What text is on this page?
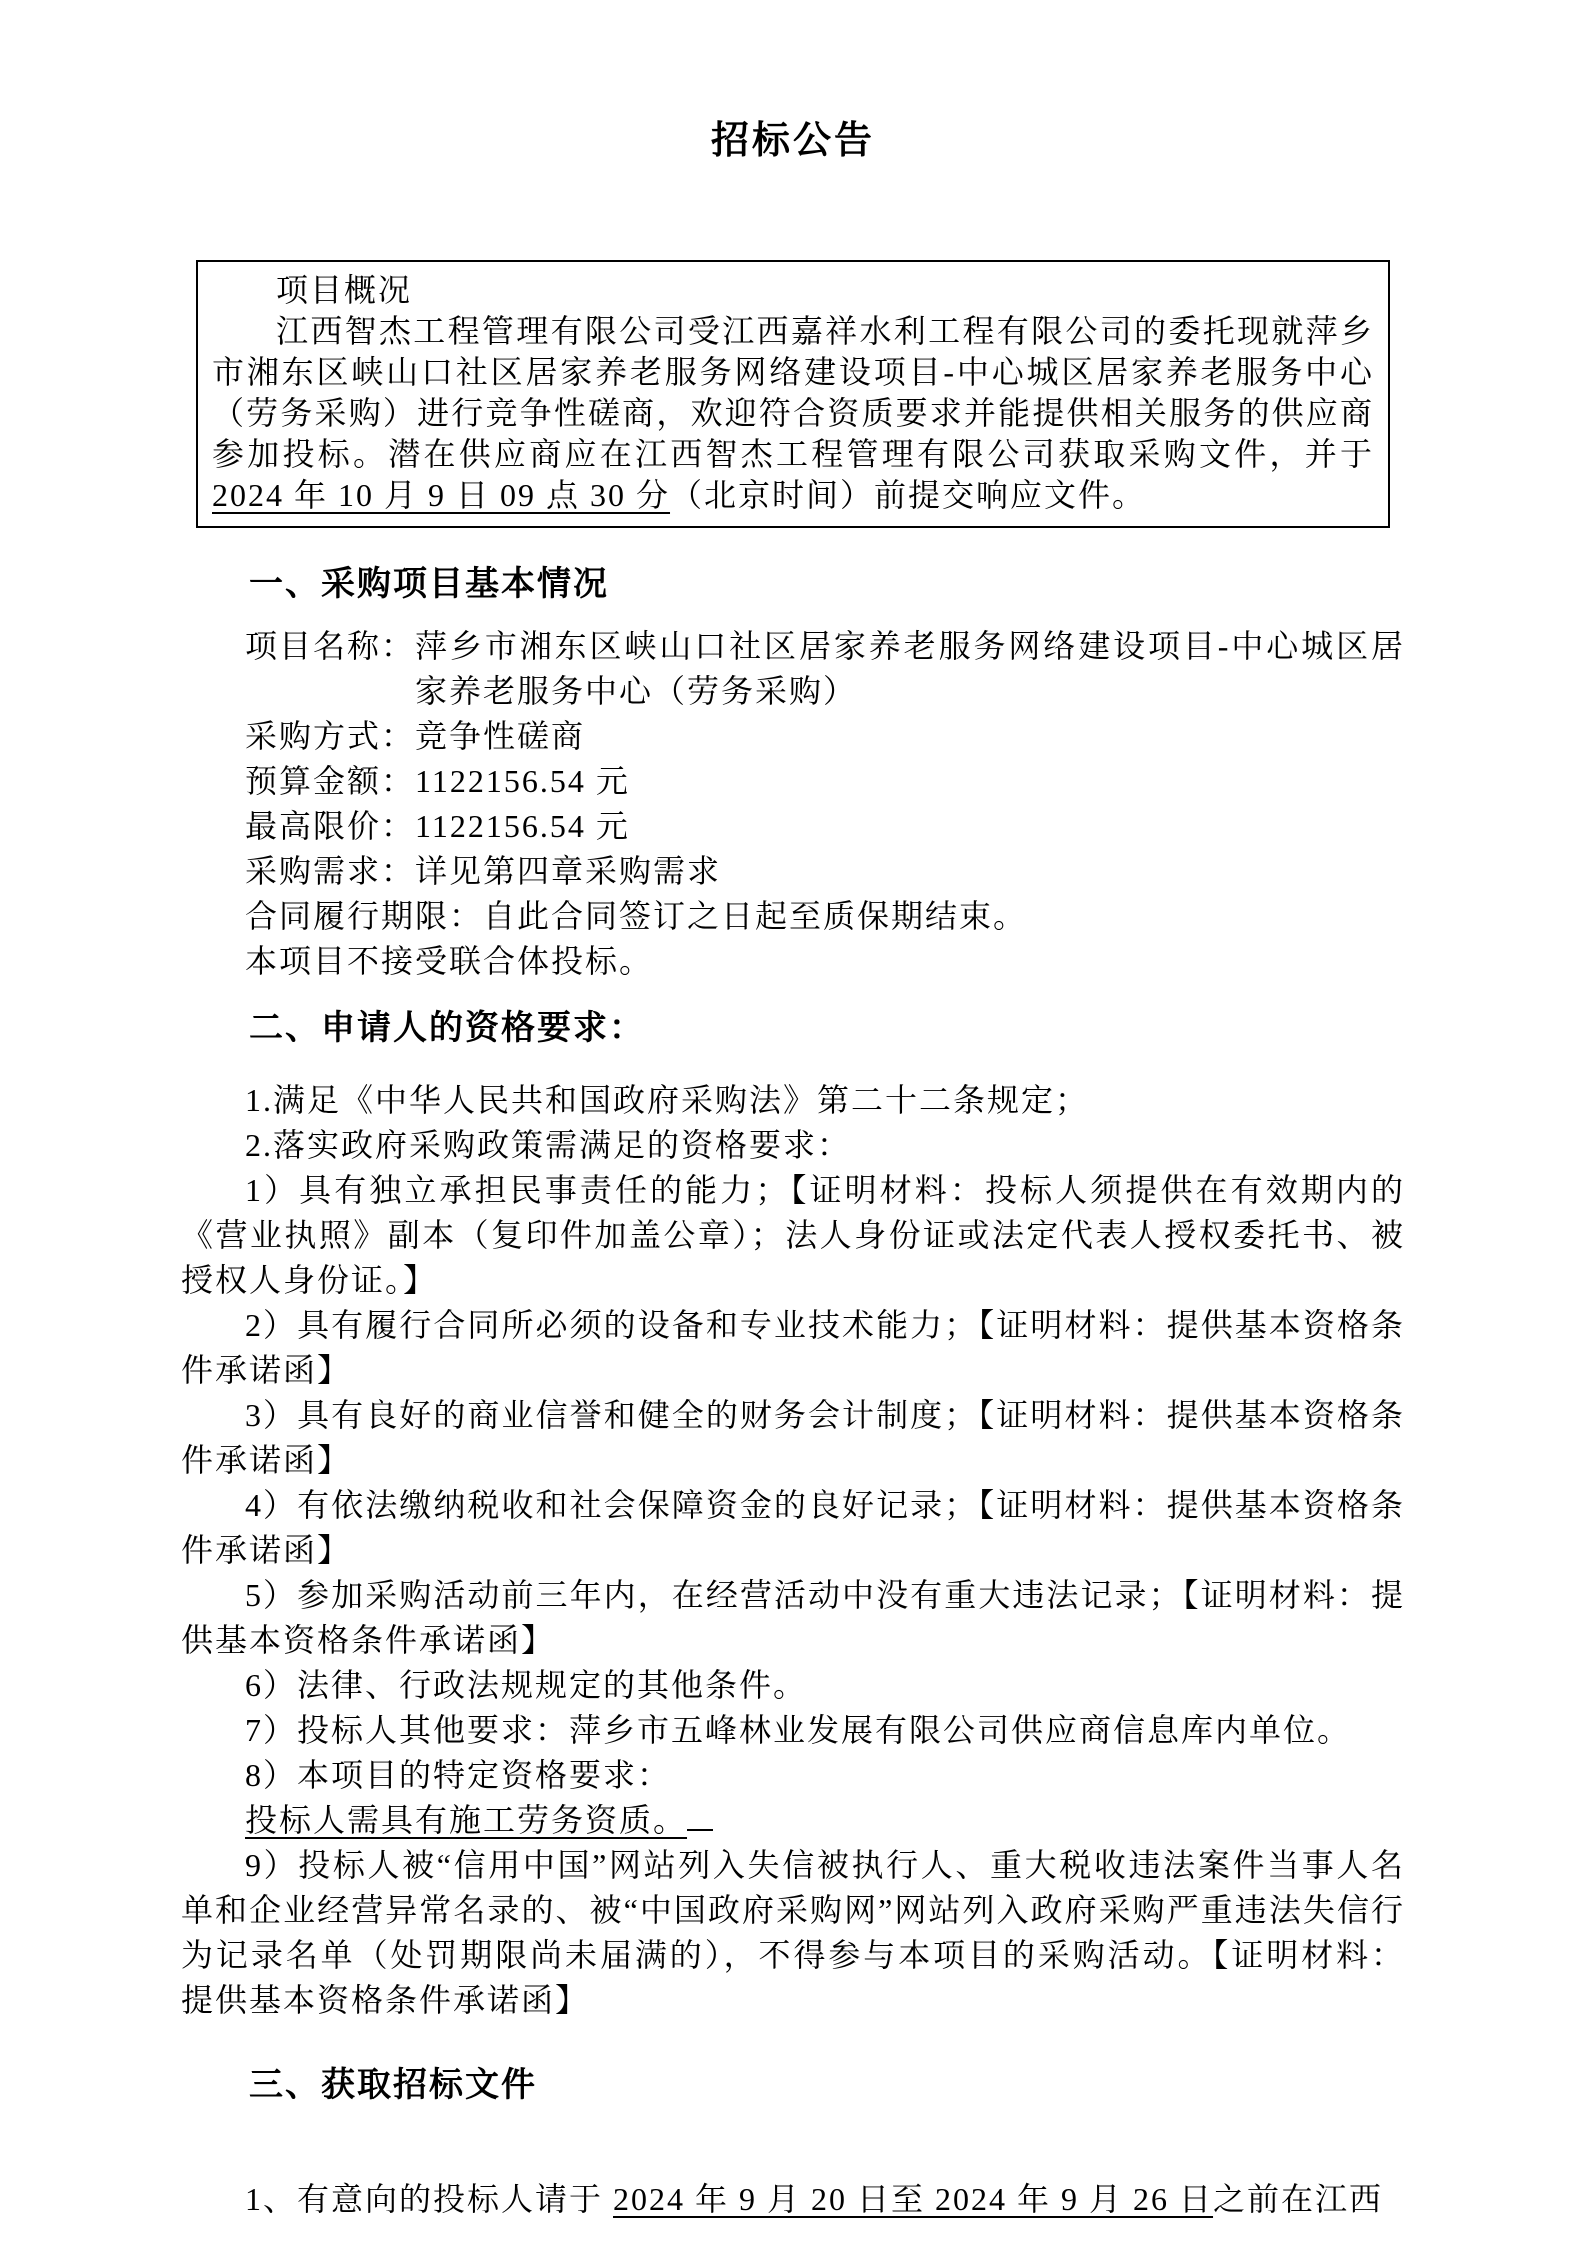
招标公告
项目概况
江西智杰工程管理有限公司受江西嘉祥水利工程有限公司的委托现就萍乡市湘东区峡山口社区居家养老服务网络建设项目-中心城区居家养老服务中心（劳务采购）进行竞争性磋商，欢迎符合资质要求并能提供相关服务的供应商参加投标。潜在供应商应在江西智杰工程管理有限公司获取采购文件，并于 2024 年 10 月 9 日 09 点 30 分（北京时间）前提交响应文件。
一、采购项目基本情况
项目名称： 萍乡市湘东区峡山口社区居家养老服务网络建设项目-中心城区居家养老服务中心（劳务采购）
采购方式： 竞争性磋商
预算金额： 1122156.54 元
最高限价： 1122156.54 元
采购需求： 详见第四章采购需求
合同履行期限： 自此合同签订之日起至质保期结束。
本项目不接受联合体投标。
二、申请人的资格要求：

1.满足《中华人民共和国政府采购法》第二十二条规定；

2.落实政府采购政策需满足的资格要求：

1）具有独立承担民事责任的能力；【证明材料：投标人须提供在有效期内的《营业执照》副本（复印件加盖公章）；法人身份证或法定代表人授权委托书、被授权人身份证。】

2）具有履行合同所必须的设备和专业技术能力；【证明材料：提供基本资格条件承诺函】

3）具有良好的商业信誉和健全的财务会计制度；【证明材料：提供基本资格条件承诺函】

4）有依法缴纳税收和社会保障资金的良好记录；【证明材料：提供基本资格条件承诺函】

5）参加采购活动前三年内，在经营活动中没有重大违法记录；【证明材料：提供基本资格条件承诺函】

6）法律、行政法规规定的其他条件。

7）投标人其他要求：萍乡市五峰林业发展有限公司供应商信息库内单位。

8）本项目的特定资格要求：

投标人需具有施工劳务资质。

9）投标人被“信用中国”网站列入失信被执行人、重大税收违法案件当事人名单和企业经营异常名录的、被“中国政府采购网”网站列入政府采购严重违法失信行为记录名单（处罚期限尚未届满的），不得参与本项目的采购活动。【证明材料：提供基本资格条件承诺函】

三、获取招标文件

1、有意向的投标人请于 2024 年 9 月 20 日至 2024 年 9 月 26 日之前在江西
